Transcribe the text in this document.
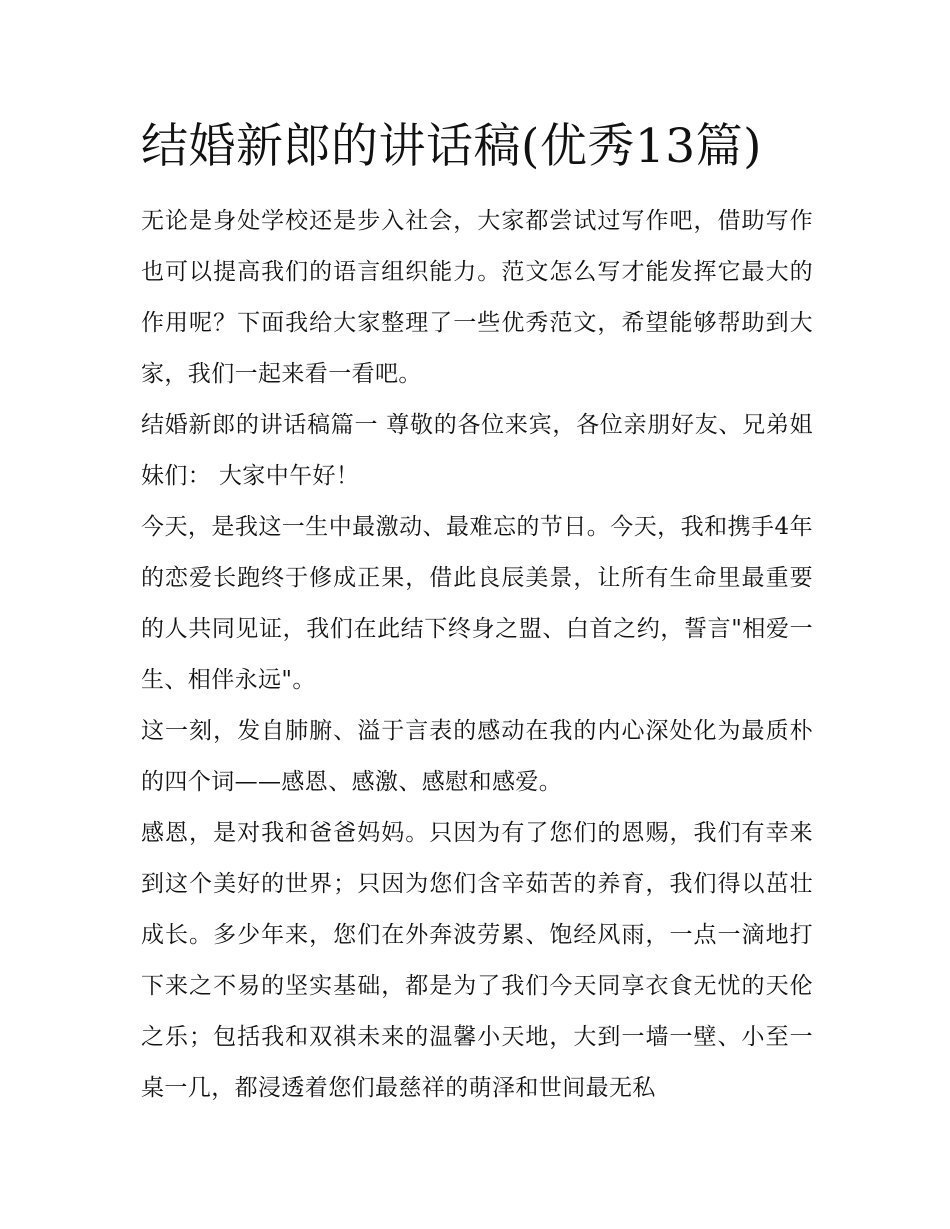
结婚新郎的讲话稿(优秀13篇)

无论是身处学校还是步入社会，大家都尝试过写作吧，借助写作也可以提高我们的语言组织能力。范文怎么写才能发挥它最大的作用呢？下面我给大家整理了一些优秀范文，希望能够帮助到大家，我们一起来看一看吧。

结婚新郎的讲话稿篇一 尊敬的各位来宾，各位亲朋好友、兄弟姐妹们： 大家中午好！

今天，是我这一生中最激动、最难忘的节日。今天，我和携手4年的恋爱长跑终于修成正果，借此良辰美景，让所有生命里最重要的人共同见证，我们在此结下终身之盟、白首之约，誓言"相爱一生、相伴永远"。

这一刻，发自肺腑、溢于言表的感动在我的内心深处化为最质朴的四个词——感恩、感激、感慰和感爱。

感恩，是对我和爸爸妈妈。只因为有了您们的恩赐，我们有幸来到这个美好的世界；只因为您们含辛茹苦的养育，我们得以茁壮成长。多少年来，您们在外奔波劳累、饱经风雨，一点一滴地打下来之不易的坚实基础，都是为了我们今天同享衣食无忧的天伦之乐；包括我和双祺未来的温馨小天地，大到一墙一壁、小至一桌一几，都浸透着您们最慈祥的萌泽和世间最无私
